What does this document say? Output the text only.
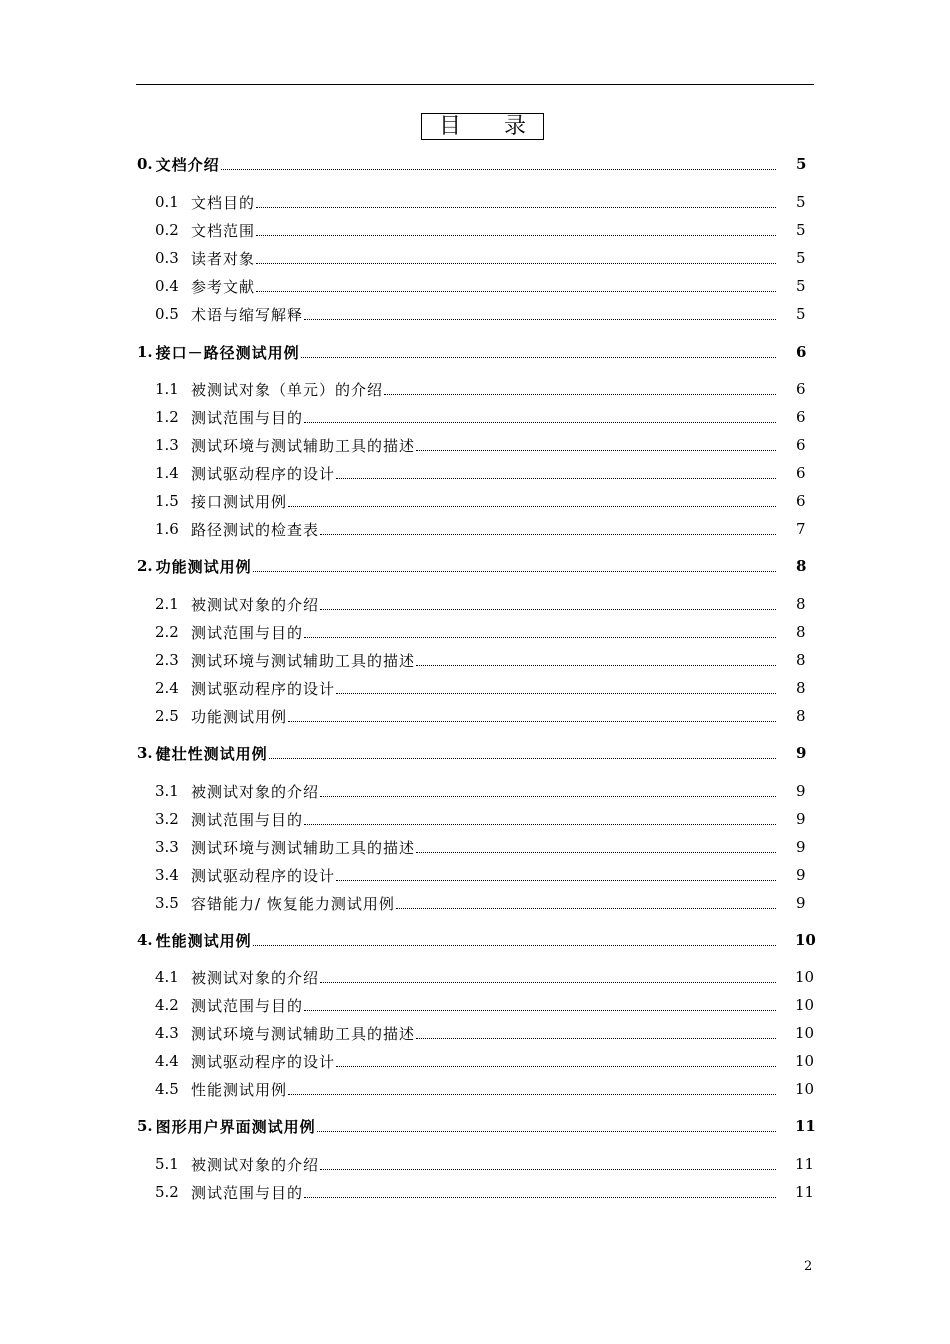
目 录
0. 文档介绍	5
0.1 文档目的	5
0.2 文档范围	5
0.3 读者对象	5
0.4 参考文献	5
0.5 术语与缩写解释	5
1. 接口－路径测试用例	6
1.1 被测试对象（单元）的介绍	6
1.2 测试范围与目的	6
1.3 测试环境与测试辅助工具的描述	6
1.4 测试驱动程序的设计	6
1.5 接口测试用例	6
1.6 路径测试的检查表	7
2. 功能测试用例	8
2.1 被测试对象的介绍	8
2.2 测试范围与目的	8
2.3 测试环境与测试辅助工具的描述	8
2.4 测试驱动程序的设计	8
2.5 功能测试用例	8
3. 健壮性测试用例	9
3.1 被测试对象的介绍	9
3.2 测试范围与目的	9
3.3 测试环境与测试辅助工具的描述	9
3.4 测试驱动程序的设计	9
3.5 容错能力/ 恢复能力测试用例	9
4. 性能测试用例	10
4.1 被测试对象的介绍	10
4.2 测试范围与目的	10
4.3 测试环境与测试辅助工具的描述	10
4.4 测试驱动程序的设计	10
4.5 性能测试用例	10
5. 图形用户界面测试用例	11
5.1 被测试对象的介绍	11
5.2 测试范围与目的	11
2
